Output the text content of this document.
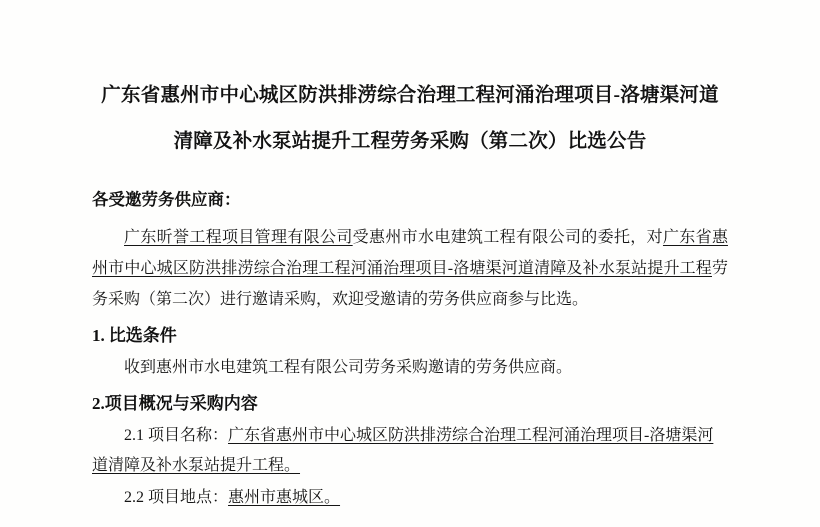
广东省惠州市中心城区防洪排涝综合治理工程河涌治理项目-洛塘渠河道
清障及补水泵站提升工程劳务采购（第二次）比选公告
各受邀劳务供应商：
广东昕誉工程项目管理有限公司受惠州市水电建筑工程有限公司的委托，对广东省惠州市中心城区防洪排涝综合治理工程河涌治理项目-洛塘渠河道清障及补水泵站提升工程劳务采购（第二次）进行邀请采购，欢迎受邀请的劳务供应商参与比选。
1. 比选条件
收到惠州市水电建筑工程有限公司劳务采购邀请的劳务供应商。
2.项目概况与采购内容
2.1 项目名称：广东省惠州市中心城区防洪排涝综合治理工程河涌治理项目-洛塘渠河道清障及补水泵站提升工程。
2.2 项目地点：惠州市惠城区。
